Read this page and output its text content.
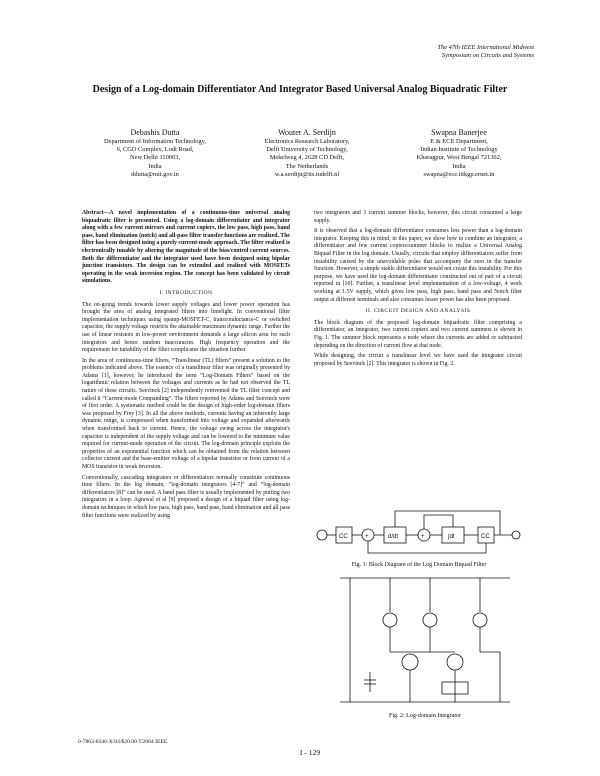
The 47th IEEE International Midwest
Symposium on Circuits and Systems
Design of a Log-domain Differentiator And Integrator Based Universal Analog Biquadratic Filter
Debashis Dutta
Department of Information Technology,
6, CGO Complex, Lodi Road,
New Delhi 110003,
India
ddutta@mit.gov.in
Wouter A. Serdijn
Electronics Research Laboratory,
Delft University of Technology,
Mekelweg 4, 2628 CD Delft,
The Netherlands
w.a.serdijn@its.tudelft.nl
Swapna Banerjee
E & ECE Department,
Indian Institute of Technology
Kharagpur, West Bengal 721302,
India
swapna@ece.iitkgp.ernet.in

Abstract—A novel implementation of a continuous-time universal analog biquadratic filter is presented. Using a log-domain differentiator and integrator along with a few current mirrors and current copiers, the low pass, high pass, band pass, band elimination (notch) and all-pass filter transfer functions are realized. The filter has been designed using a purely current-mode approach. The filter realized is electronically tunable by altering the magnitude of the bias/control current sources. Both the differentiator and the integrator used have been designed using bipolar junction transistors. The design can be extended and realized with MOSFETs operating in the weak inversion region. The concept has been validated by circuit simulations.

I. INTRODUCTION

The on-going trends towards lower supply voltages and lower power operation has brought the area of analog integrated filters into limelight. In conventional filter implementation techniques using opamp-MOSFET-C, transconductance-C or switched capacitor, the supply voltage restricts the attainable maximum dynamic range. Further the use of linear resistors in low-power environment demands a large silicon area for such integrators and hence random inaccuracies. High frequency operation and the requirement for tunability of the filter complicates the situation further.

In the area of continuous-time filters, “Translinear (TL) filters” present a solution to the problems indicated above. The essence of a translinear filter was originally presented by Adams [1], however, he introduced the term “Log-Domain Filters” based on the logarithmic relation between the voltages and currents as he had not observed the TL nature of these circuits. Seevinck [2] independently reinvented the TL filter concept and called it “Current-mode Companding”. The filters reported by Adams and Seevinck were of first order. A systematic method could be the design of high-order log-domain filters was proposed by Frey [3]. In all the above methods, currents having an inherently large dynamic range, is compressed when transformed into voltage and expanded afterwards when transformed back to current. Hence, the voltage swing across the integrator's capacitor is independent of the supply voltage and can be lowered to the minimum value required for current-mode operation of the circuit. The log-domain principle exploits the properties of an exponential function which can be obtained from the relation between collector current and the base-emitter voltage of a bipolar transistor or from current of a MOS transistor in weak inversion.

Conventionally, cascading integrators or differentiators normally constitute continuous time filters. In the log domain, “log-domain integrators [4-7]” and “log-domain differentiators [8]” can be used. A band pass filter is usually implemented by putting two integrators in a loop. Agrawal et al [9] proposed a design of a biquad filter using log-domain techniques in which low pass, high pass, band pass, band elimination and all pass filter functions were realized by using

two integrators and 3 current summer blocks, however, this circuit consumed a large supply.

It is observed that a log-domain differentiator consumes less power than a log-domain integrator. Keeping this in mind, in this paper, we show how to combine an integrator, a differentiator and few current copiers/summer blocks to realize a Universal Analog Biquad Filter in the log domain. Usually, circuits that employ differentiators suffer from instability caused by the unavoidable poles that accompany the zero in the transfer function. However, a simple stable differentiator would not create this instability. For this purpose, we have used the log-domain differentiator constructed out of part of a circuit reported in [10]. Further, a translinear level implementation of a low-voltage, 4 work working at 1.5V supply, which gives low pass, high pass, band pass and Notch filter output at different terminals and also consumes lesser power has also been proposed.

II. CIRCUIT DESIGN AND ANALYSIS

The block diagram of the proposed log-domain biquadratic filter comprising a differentiator, an integrator, two current copiers and two current summers is shown in Fig. 1. The summer block represents a node where the currents are added or subtracted depending on the direction of current flow at that node.

While designing, the circuit a translinear level we have used the integrator circuit proposed by Seevinck [2]. This integrator is shown in Fig. 2.

+	+
CC	d/dt	∫dt	CC
Fig. 1: Block Diagram of the Log Domain Biquad Filter
Fig. 2: Log-domain Integrator
0-7803-8346-X/04/$20.00 ©2004 IEEE
I - 129
